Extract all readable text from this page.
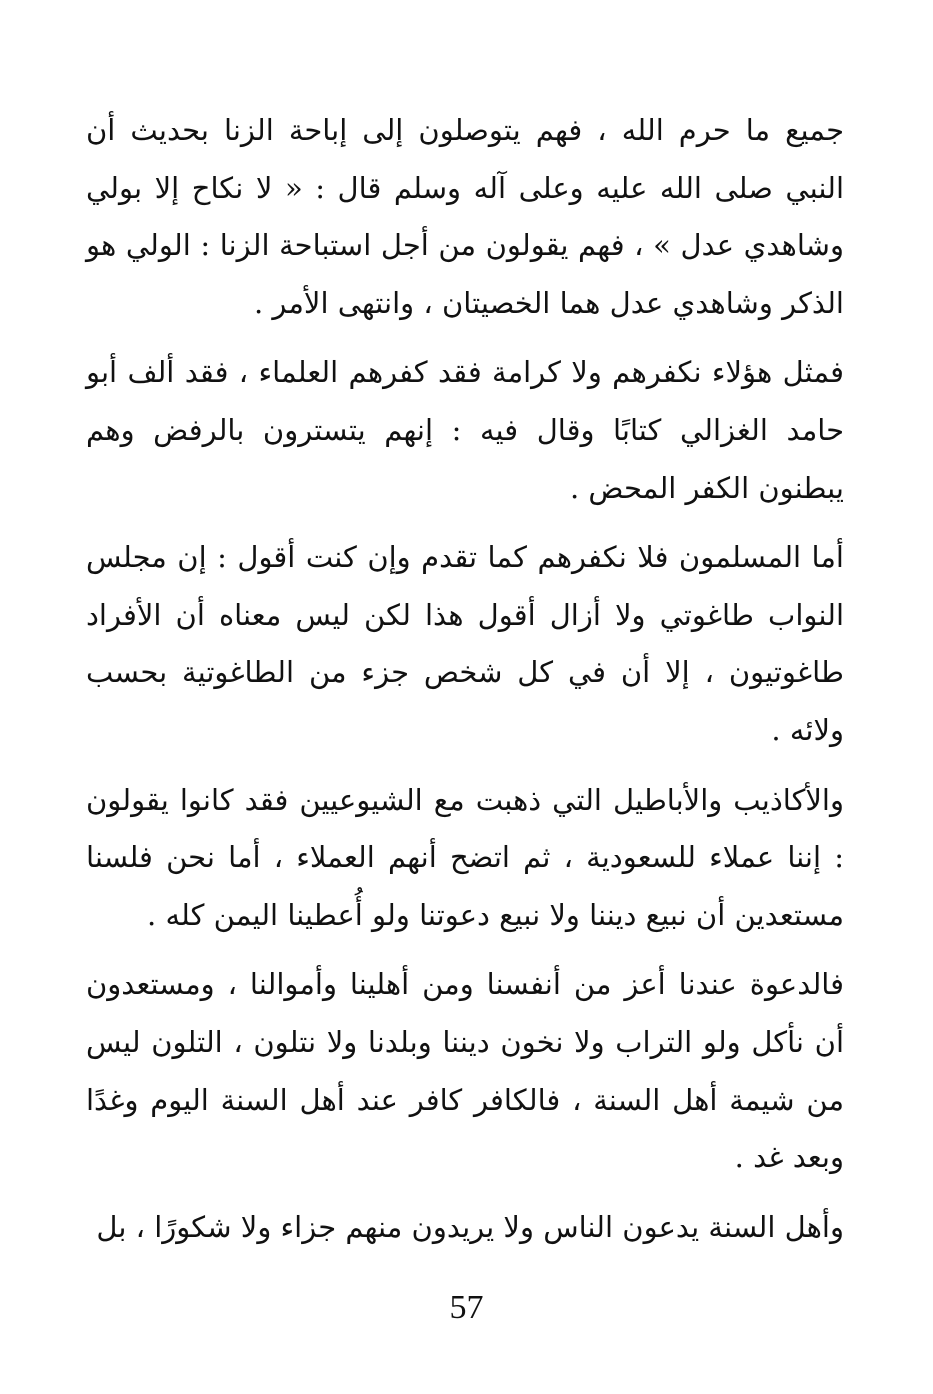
جميع ما حرم الله ، فهم يتوصلون إلى إباحة الزنا بحديث أن النبي صلى الله عليه وعلى آله وسلم قال : « لا نكاح إلا بولي وشاهدي عدل » ، فهم يقولون من أجل استباحة الزنا : الولي هو الذكر وشاهدي عدل هما الخصيتان ، وانتهى الأمر .

فمثل هؤلاء نكفرهم ولا كرامة فقد كفرهم العلماء ، فقد ألف أبو حامد الغزالي كتابًا وقال فيه : إنهم يتسترون بالرفض وهم يبطنون الكفر المحض .

أما المسلمون فلا نكفرهم كما تقدم وإن كنت أقول : إن مجلس النواب طاغوتي ولا أزال أقول هذا لكن ليس معناه أن الأفراد طاغوتيون ، إلا أن في كل شخص جزء من الطاغوتية بحسب ولائه .

والأكاذيب والأباطيل التي ذهبت مع الشيوعيين فقد كانوا يقولون : إننا عملاء للسعودية ، ثم اتضح أنهم العملاء ، أما نحن فلسنا مستعدين أن نبيع ديننا ولا نبيع دعوتنا ولو أُعطينا اليمن كله .

فالدعوة عندنا أعز من أنفسنا ومن أهلينا وأموالنا ، ومستعدون أن نأكل ولو التراب ولا نخون ديننا وبلدنا ولا نتلون ، التلون ليس من شيمة أهل السنة ، فالكافر كافر عند أهل السنة اليوم وغدًا وبعد غد .

وأهل السنة يدعون الناس ولا يريدون منهم جزاء ولا شكورًا ، بل

57
